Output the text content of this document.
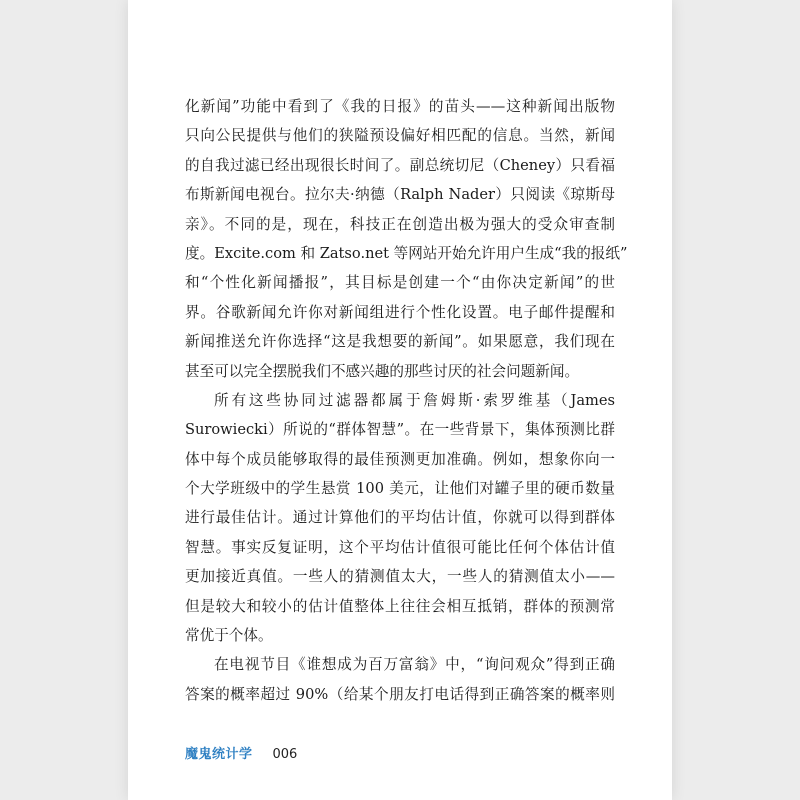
化新闻”功能中看到了《我的日报》的苗头——这种新闻出版物
只向公民提供与他们的狭隘预设偏好相匹配的信息。当然，新闻
的自我过滤已经出现很长时间了。副总统切尼（Cheney）只看福
布斯新闻电视台。拉尔夫·纳德（Ralph Nader）只阅读《琼斯母
亲》。不同的是，现在，科技正在创造出极为强大的受众审查制
度。Excite.com 和 Zatso.net 等网站开始允许用户生成“我的报纸”
和“个性化新闻播报”，其目标是创建一个“由你决定新闻”的世
界。谷歌新闻允许你对新闻组进行个性化设置。电子邮件提醒和
新闻推送允许你选择“这是我想要的新闻”。如果愿意，我们现在
甚至可以完全摆脱我们不感兴趣的那些讨厌的社会问题新闻。
所有这些协同过滤器都属于詹姆斯·索罗维基（James
Surowiecki）所说的“群体智慧”。在一些背景下，集体预测比群
体中每个成员能够取得的最佳预测更加准确。例如，想象你向一
个大学班级中的学生悬赏 100 美元，让他们对罐子里的硬币数量
进行最佳估计。通过计算他们的平均估计值，你就可以得到群体
智慧。事实反复证明，这个平均估计值很可能比任何个体估计值
更加接近真值。一些人的猜测值太大，一些人的猜测值太小——
但是较大和较小的估计值整体上往往会相互抵销，群体的预测常
常优于个体。
在电视节目《谁想成为百万富翁》中，“询问观众”得到正确
答案的概率超过 90%（给某个朋友打电话得到正确答案的概率则
魔鬼统计学 006
